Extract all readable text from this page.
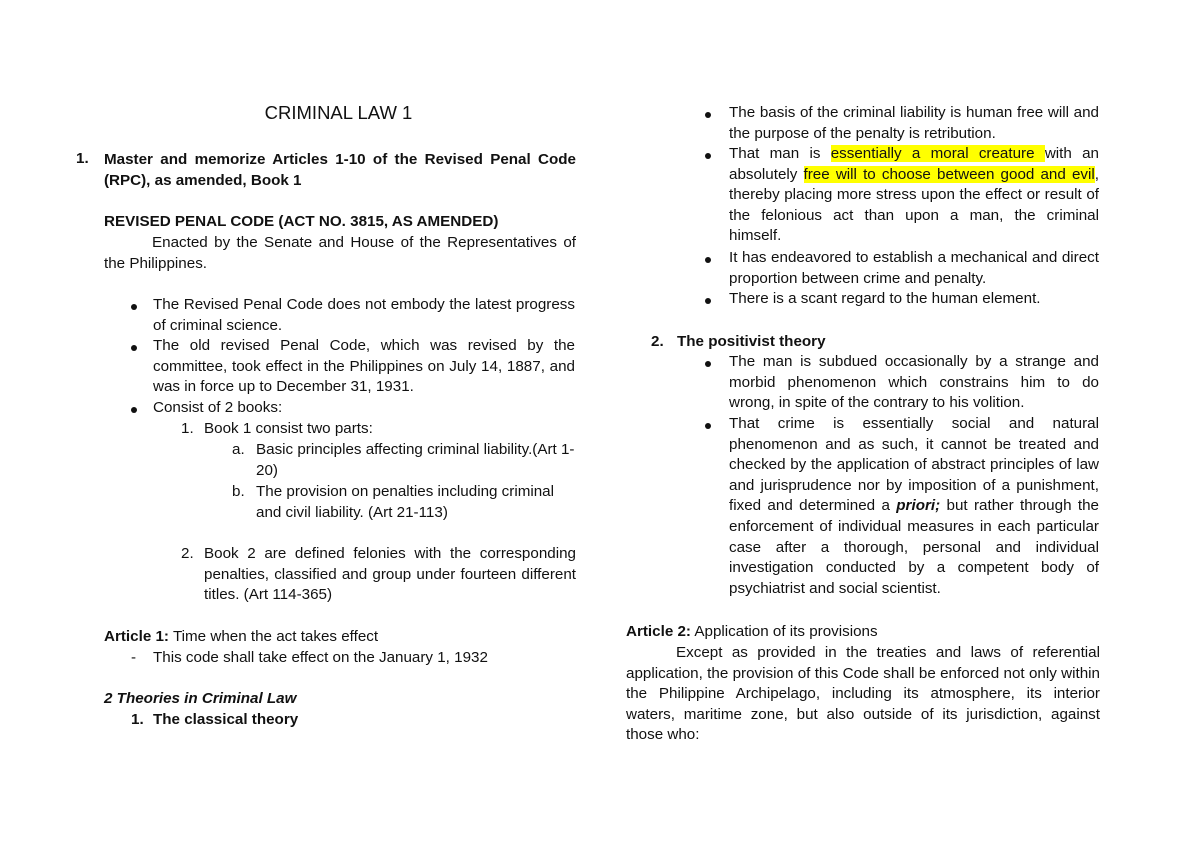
CRIMINAL LAW 1
1.	Master and memorize Articles 1-10 of the Revised Penal Code (RPC), as amended, Book 1
REVISED PENAL CODE (ACT NO. 3815, AS AMENDED)
Enacted by the Senate and House of the Representatives of the Philippines.
The Revised Penal Code does not embody the latest progress of criminal science.
The old revised Penal Code, which was revised by the committee, took effect in the Philippines on July 14, 1887, and was in force up to December 31, 1931.
Consist of 2 books:
1. Book 1 consist two parts:
a. Basic principles affecting criminal liability.(Art 1-20)
b. The provision on penalties including criminal and civil liability. (Art 21-113)
2. Book 2 are defined felonies with the corresponding penalties, classified and group under fourteen different titles. (Art 114-365)
Article 1: Time when the act takes effect
- This code shall take effect on the January 1, 1932
2 Theories in Criminal Law
1. The classical theory
The basis of the criminal liability is human free will and the purpose of the penalty is retribution.
That man is essentially a moral creature with an absolutely free will to choose between good and evil, thereby placing more stress upon the effect or result of the felonious act than upon a man, the criminal himself.
It has endeavored to establish a mechanical and direct proportion between crime and penalty.
There is a scant regard to the human element.
2. The positivist theory
The man is subdued occasionally by a strange and morbid phenomenon which constrains him to do wrong, in spite of the contrary to his volition.
That crime is essentially social and natural phenomenon and as such, it cannot be treated and checked by the application of abstract principles of law and jurisprudence nor by imposition of a punishment, fixed and determined a priori; but rather through the enforcement of individual measures in each particular case after a thorough, personal and individual investigation conducted by a competent body of psychiatrist and social scientist.
Article 2: Application of its provisions
Except as provided in the treaties and laws of referential application, the provision of this Code shall be enforced not only within the Philippine Archipelago, including its atmosphere, its interior waters, maritime zone, but also outside of its jurisdiction, against those who:
